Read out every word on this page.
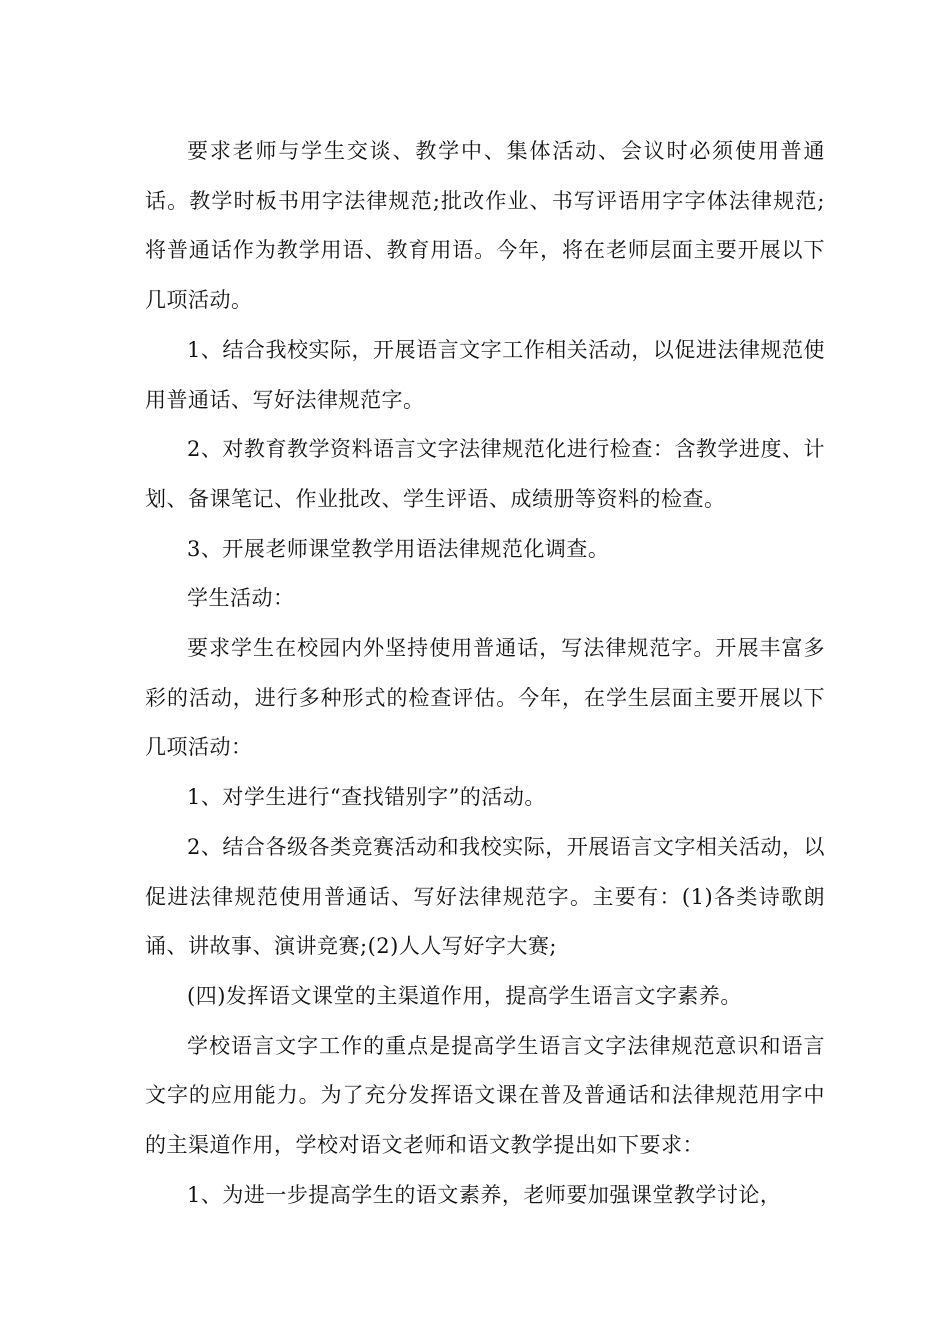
要求老师与学生交谈、教学中、集体活动、会议时必须使用普通话。教学时板书用字法律规范;批改作业、书写评语用字字体法律规范;将普通话作为教学用语、教育用语。今年，将在老师层面主要开展以下几项活动。

1、结合我校实际，开展语言文字工作相关活动，以促进法律规范使用普通话、写好法律规范字。

2、对教育教学资料语言文字法律规范化进行检查：含教学进度、计划、备课笔记、作业批改、学生评语、成绩册等资料的检查。

3、开展老师课堂教学用语法律规范化调查。

学生活动：

要求学生在校园内外坚持使用普通话，写法律规范字。开展丰富多彩的活动，进行多种形式的检查评估。今年，在学生层面主要开展以下几项活动：

1、对学生进行“查找错别字”的活动。

2、结合各级各类竞赛活动和我校实际，开展语言文字相关活动，以促进法律规范使用普通话、写好法律规范字。主要有：(1)各类诗歌朗诵、讲故事、演讲竞赛;(2)人人写好字大赛;

(四)发挥语文课堂的主渠道作用，提高学生语言文字素养。

学校语言文字工作的重点是提高学生语言文字法律规范意识和语言文字的应用能力。为了充分发挥语文课在普及普通话和法律规范用字中的主渠道作用，学校对语文老师和语文教学提出如下要求：

1、为进一步提高学生的语文素养，老师要加强课堂教学讨论，
